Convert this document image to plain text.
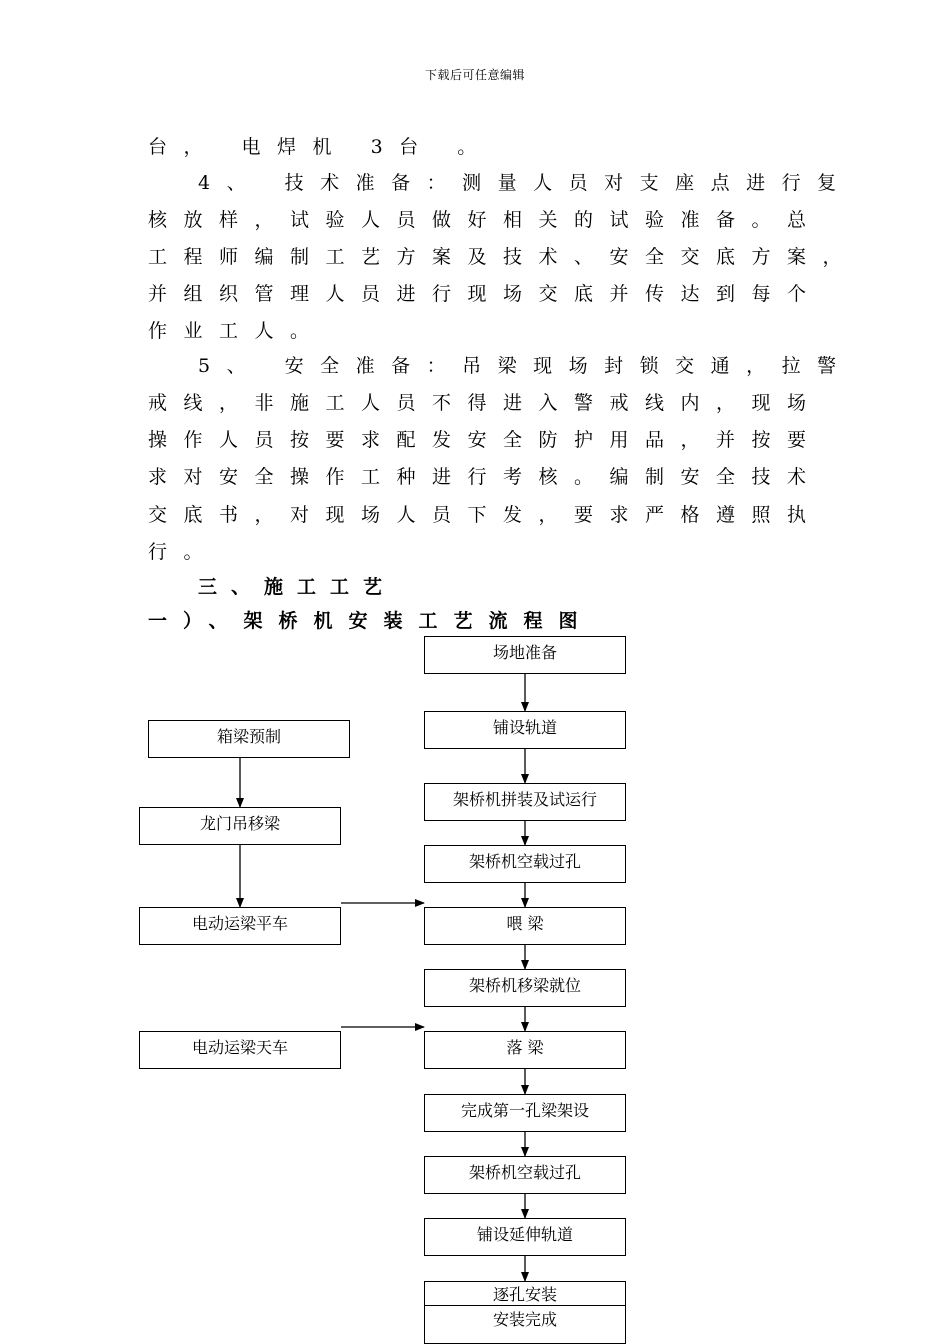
下载后可任意编辑
台， 电焊机 3台 。
4、 技术准备：测量人员对支座点进行复
核放样，试验人员做好相关的试验准备。总
工程师编制工艺方案及技术、安全交底方案，
并组织管理人员进行现场交底并传达到每个
作业工人。
5、 安全准备：吊梁现场封锁交通，拉警
戒线，非施工人员不得进入警戒线内，现场
操作人员按要求配发安全防护用品，并按要
求对安全操作工种进行考核。编制安全技术
交底书，对现场人员下发，要求严格遵照执
行。
三、施工工艺
一）、架桥机安装工艺流程图
场地准备
铺设轨道
架桥机拼装及试运行
架桥机空载过孔
喂 梁
架桥机移梁就位
落 梁
完成第一孔梁架设
架桥机空载过孔
铺设延伸轨道
逐孔安装
安装完成
箱梁预制
龙门吊移梁
电动运梁平车
电动运梁天车
